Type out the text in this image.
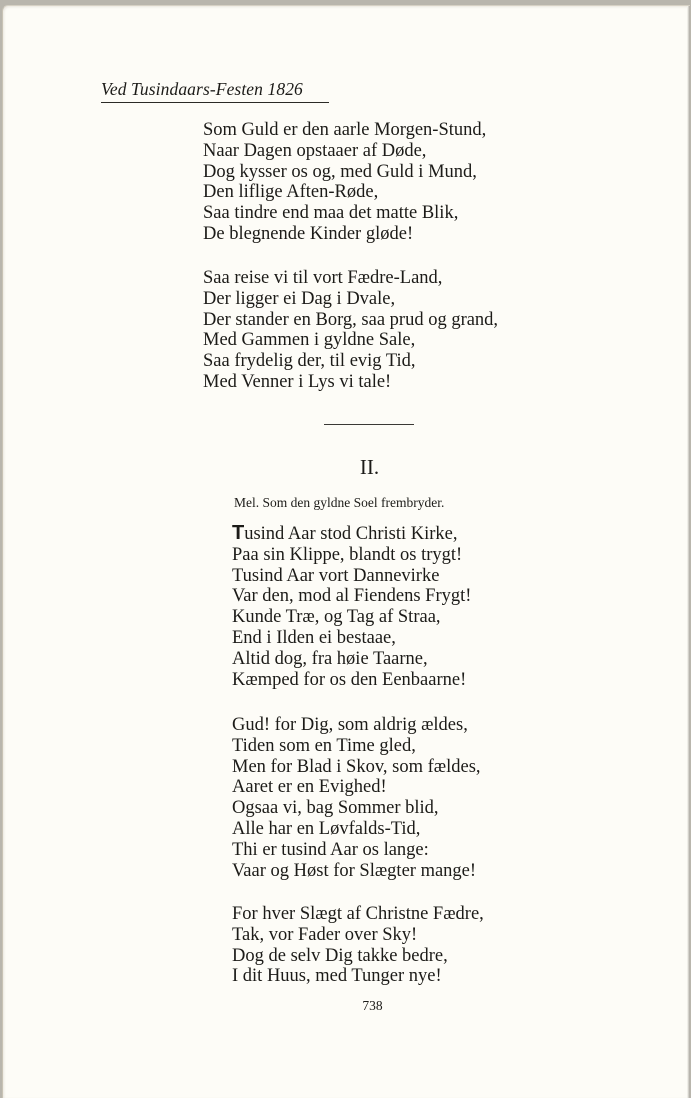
Ved Tusindaars-Festen 1826
Som Guld er den aarle Morgen-Stund,
Naar Dagen opstaaer af Døde,
Dog kysser os og, med Guld i Mund,
Den liflige Aften-Røde,
Saa tindre end maa det matte Blik,
De blegnende Kinder gløde!
Saa reise vi til vort Fædre-Land,
Der ligger ei Dag i Dvale,
Der stander en Borg, saa prud og grand,
Med Gammen i gyldne Sale,
Saa frydelig der, til evig Tid,
Med Venner i Lys vi tale!
II.
Mel. Som den gyldne Soel frembryder.
Tusind Aar stod Christi Kirke,
Paa sin Klippe, blandt os trygt!
Tusind Aar vort Dannevirke
Var den, mod al Fiendens Frygt!
Kunde Træ, og Tag af Straa,
End i Ilden ei bestaae,
Altid dog, fra høie Taarne,
Kæmped for os den Eenbaarne!
Gud! for Dig, som aldrig ældes,
Tiden som en Time gled,
Men for Blad i Skov, som fældes,
Aaret er en Evighed!
Ogsaa vi, bag Sommer blid,
Alle har en Løvfalds-Tid,
Thi er tusind Aar os lange:
Vaar og Høst for Slægter mange!
For hver Slægt af Christne Fædre,
Tak, vor Fader over Sky!
Dog de selv Dig takke bedre,
I dit Huus, med Tunger nye!
738
